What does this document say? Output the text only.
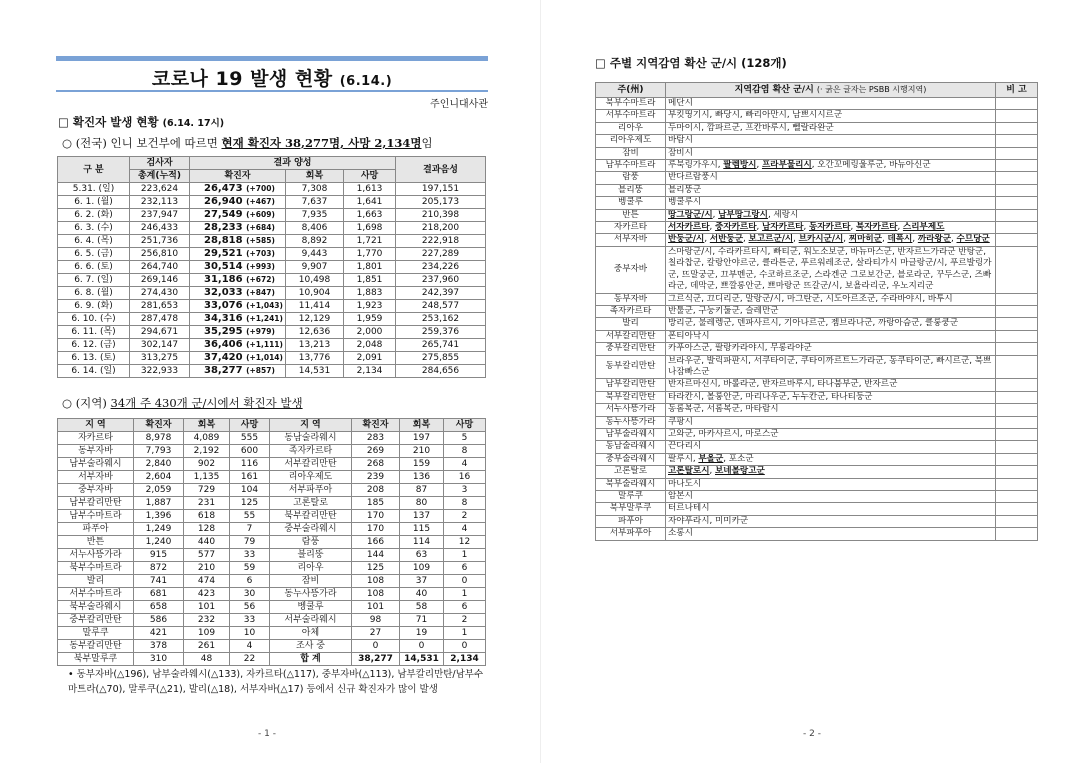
코로나 19 발생 현황 (6.14.)
주인니대사관
□ 확진자 발생 현황 (6.14. 17시)
○ (전국) 인니 보건부에 따르면 현재 확진자 38,277명, 사망 2,134명임
구 분	검사자	결과 양성			결과음성
	총계(누적)	확진자	회복	사망	
5.31. (일)	223,624	26,473 (+700)	7,308	1,613	197,151
6. 1. (월)	232,113	26,940 (+467)	7,637	1,641	205,173
6. 2. (화)	237,947	27,549 (+609)	7,935	1,663	210,398
6. 3. (수)	246,433	28,233 (+684)	8,406	1,698	218,200
6. 4. (목)	251,736	28,818 (+585)	8,892	1,721	222,918
6. 5. (금)	256,810	29,521 (+703)	9,443	1,770	227,289
6. 6. (토)	264,740	30,514 (+993)	9,907	1,801	234,226
6. 7. (일)	269,146	31,186 (+672)	10,498	1,851	237,960
6. 8. (월)	274,430	32,033 (+847)	10,904	1,883	242,397
6. 9. (화)	281,653	33,076 (+1,043)	11,414	1,923	248,577
6. 10. (수)	287,478	34,316 (+1,241)	12,129	1,959	253,162
6. 11. (목)	294,671	35,295 (+979)	12,636	2,000	259,376
6. 12. (금)	302,147	36,406 (+1,111)	13,213	2,048	265,741
6. 13. (토)	313,275	37,420 (+1,014)	13,776	2,091	275,855
6. 14. (일)	322,933	38,277 (+857)	14,531	2,134	284,656
○ (지역) 34개 주 430개 군/시에서 확진자 발생
지 역	확진자	회복	사망	지 역	확진자	회복	사망
자카르타	8,978	4,089	555	동남술라웨시	283	197	5
동부자바	7,793	2,192	600	족자카르타	269	210	8
남부술라웨시	2,840	902	116	서부칼리만탄	268	159	4
서부자바	2,604	1,135	161	리아우제도	239	136	16
중부자바	2,059	729	104	서부파푸아	208	87	3
남부칼리만탄	1,887	231	125	고론탈로	185	80	8
남부수마트라	1,396	618	55	북부칼리만탄	170	137	2
파푸아	1,249	128	7	중부술라웨시	170	115	4
반튼	1,240	440	79	람풍	166	114	12
서누사뜽가라	915	577	33	블리뚱	144	63	1
북부수마트라	872	210	59	리아우	125	109	6
발리	741	474	6	잠비	108	37	0
서부수마트라	681	423	30	동누사뜽가라	108	40	1
북부술라웨시	658	101	56	벵쿨루	101	58	6
중부칼리만탄	586	232	33	서부술라웨시	98	71	2
말루쿠	421	109	10	아체	27	19	1
동부칼리만탄	378	261	4	조사 중	0	0	0
북부말루쿠	310	48	22	합 계	38,277	14,531	2,134
• 동부자바(△196), 남부술라웨시(△133), 자카르타(△117), 중부자바(△113), 남부칼리만탄/남부수마트라(△70), 말루쿠(△21), 발리(△18), 서부자바(△17) 등에서 신규 확진자가 많이 발생
- 1 -
□ 주별 지역감염 확산 군/시 (128개)
주(州)	지역감염 확산 군/시 (· 굵은 글자는 PSBB 시행지역)	비 고
북부수마트라	메단시	
서부수마트라	부킷띵기시, 빠당시, 빠리아만시, 남쁘시시르군	
리아우	두마이시, 깜파르군, 프칸바루시, 뻴랄라완군	
리아우제도	바탐시	
잠비	잠비시	
남부수마트라	루북링가우시, 팔렘방시, 프라부물리시, 오간꼬메링울루군, 바뉴아신군	
람풍	반다르람풍시	
블리뚱	블리뚱군	
벵쿨루	벵쿨루시	
반튼	땅그랑군/시, 남부땅그랑시, 세랑시	
자카르타	서자카르타, 중자카르타, 남자카르타, 동자카르타, 북자카르타, 스리부제도	
서부자바	반둥군/시, 서반둥군, 보고르군/시, 브카시군/시, 찌마히군, 데폭시, 까라왕군, 수므당군	
중부자바	스마랑군/시, 수라카르타시, 빠티군, 워노소보군, 바뉴마스군, 반자르느가라군 반탕군, 칠라찹군, 칼랑안야르군, 클라튼군, 푸르워레조군, 살라티가시 마글랑군/시, 푸르발링가군, 뜨말궁군, 끄부멘군, 수코하르조군, 스라겐군 그로보간군, 블로라군, 꾸두스군, 즈빠라군, 데막군, 쁘깔롱안군, 쁘마랑군 뜨갈군/시, 보욜라리군, 우노지리군	
동부자바	그르식군, 끄디리군, 말랑군/시, 마그탄군, 시도아르조군, 수라바야시, 바투시	
족자카르타	반툴군, 구눙키둘군, 슬레만군	
발리	방리군, 불레렝군, 덴파사르시, 기아나르군, 젬브라나군, 까랑아슴군, 클룽쿵군	
서부칼리만탄	폰티아낙시	
중부칼리만탄	카푸아스군, 팔랑카라야시, 무롱라야군	
동부칼리만탄	브라우군, 발릭파판시, 서쿠타이군, 쿠타이까르트느가라군, 동쿠타이군, 빠시르군, 북쁘나잠빠스군	
남부칼리만탄	반자르마신시, 바롤라군, 반자르바루시, 타나붐부군, 반자르군	
북부칼리만탄	타라칸시, 볼룽안군, 마리나우군, 누누칸군, 타나티둥군	
서누사뜽가라	동롬복군, 서롬복군, 마타람시	
동누사뜽가라	쿠팡시	
남부술라웨시	고와군, 마카사르시, 마로스군	
동남술라웨시	끈다리시	
중부술라웨시	팔루시, 부올군, 포소군	
고론탈로	고론탈로시, 보네볼랑고군	
북부술라웨시	마나도시	
말루쿠	암본시	
북부말루쿠	터르나테시	
파푸아	자야푸라시, 미미카군	
서부파푸아	소롱시	
- 2 -
